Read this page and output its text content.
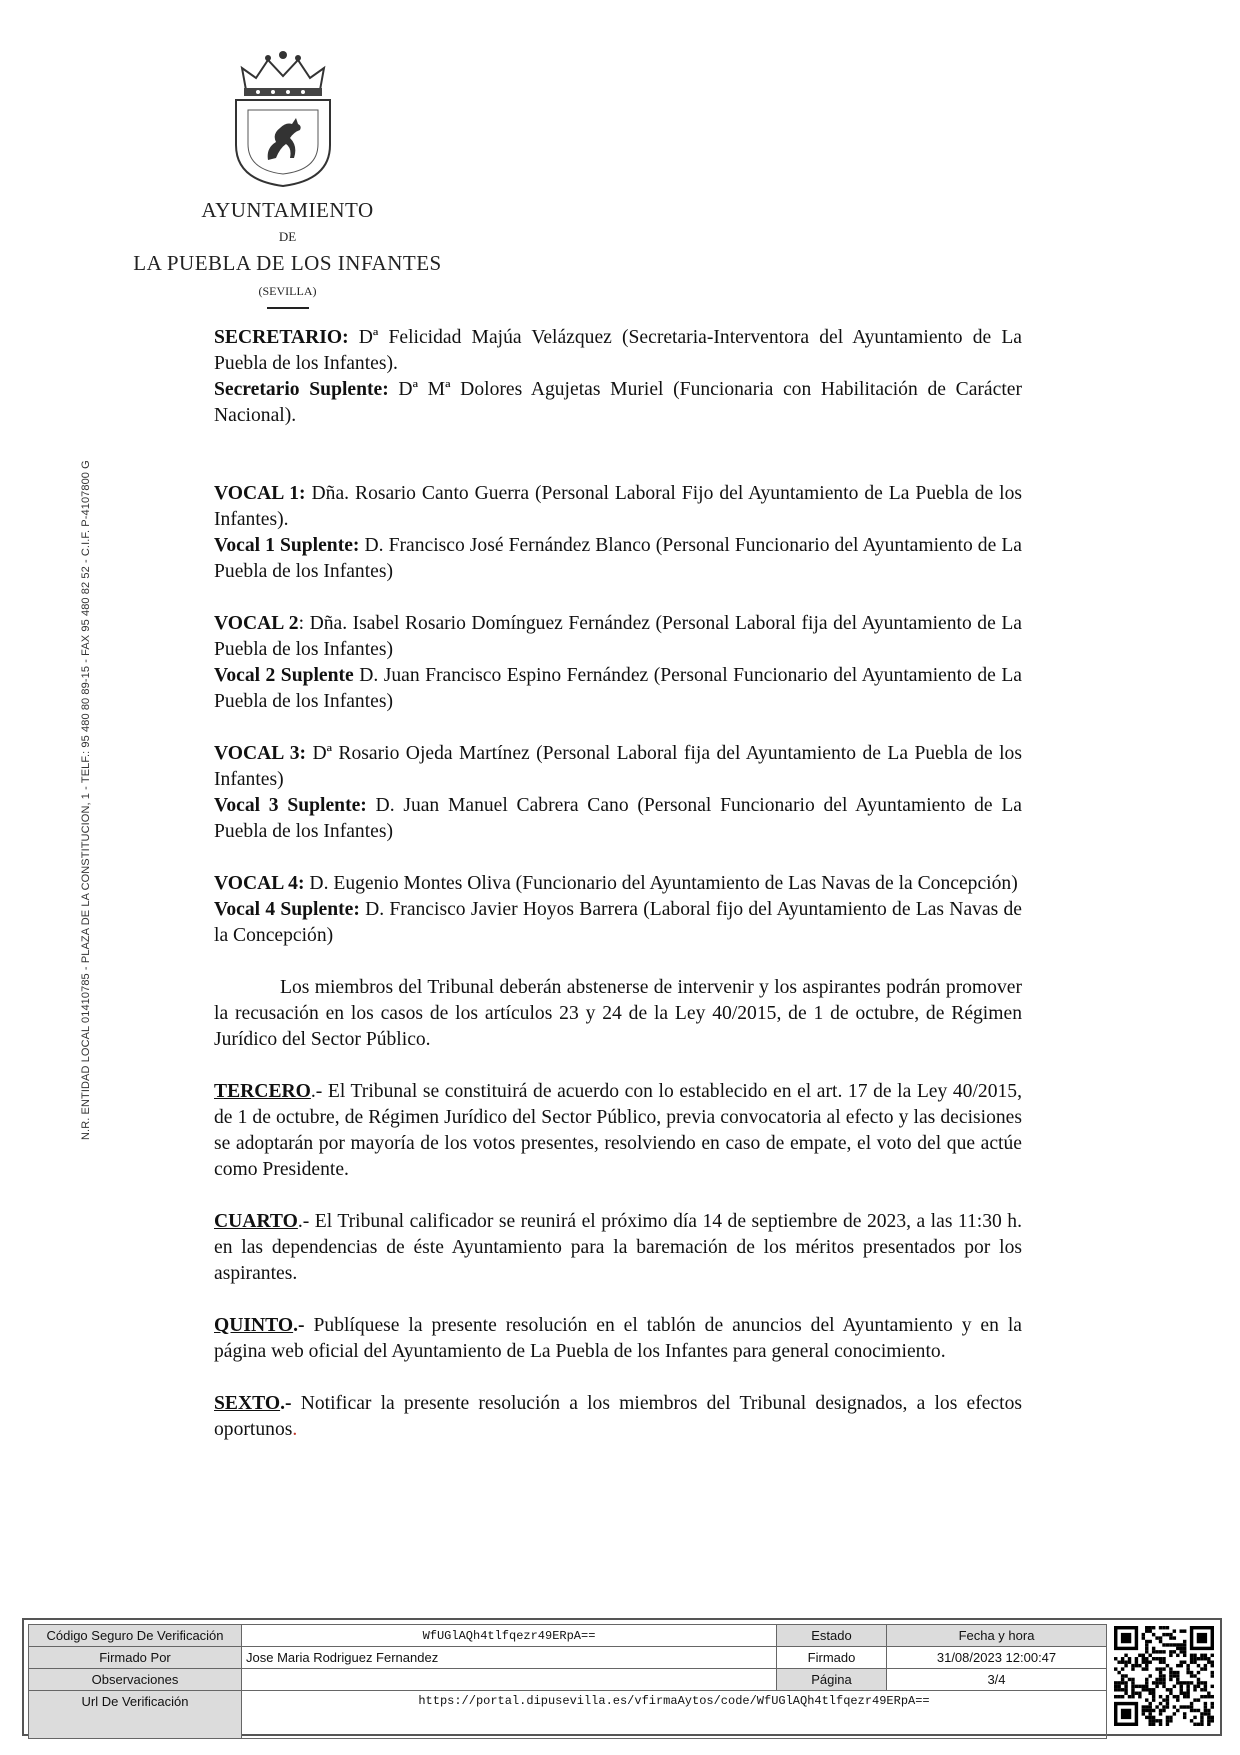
AYUNTAMIENTO
DE
LA PUEBLA DE LOS INFANTES
(SEVILLA)
N.R. ENTIDAD LOCAL 01410785 - PLAZA DE LA CONSTITUCION, 1 - TELF.: 95 480 80 89-15 - FAX 95 480 82 52 - C.I.F. P-4107800 G

SECRETARIO: Dª Felicidad Majúa Velázquez (Secretaria-Interventora del Ayuntamiento de La Puebla de los Infantes).

Secretario Suplente: Dª Mª Dolores Agujetas Muriel (Funcionaria con Habilitación de Carácter Nacional).

VOCAL 1: Dña. Rosario Canto Guerra (Personal Laboral Fijo del Ayuntamiento de La Puebla de los Infantes).

Vocal 1 Suplente: D. Francisco José Fernández Blanco (Personal Funcionario del Ayuntamiento de La Puebla de los Infantes)

VOCAL 2: Dña. Isabel Rosario Domínguez Fernández (Personal Laboral fija del Ayuntamiento de La Puebla de los Infantes)

Vocal 2 Suplente D. Juan Francisco Espino Fernández (Personal Funcionario del Ayuntamiento de La Puebla de los Infantes)

VOCAL 3: Dª Rosario Ojeda Martínez (Personal Laboral fija del Ayuntamiento de La Puebla de los Infantes)

Vocal 3 Suplente: D. Juan Manuel Cabrera Cano (Personal Funcionario del Ayuntamiento de La Puebla de los Infantes)

VOCAL 4: D. Eugenio Montes Oliva (Funcionario del Ayuntamiento de Las Navas de la Concepción)

Vocal 4 Suplente: D. Francisco Javier Hoyos Barrera (Laboral fijo del Ayuntamiento de Las Navas de la Concepción)

Los miembros del Tribunal deberán abstenerse de intervenir y los aspirantes podrán promover la recusación en los casos de los artículos 23 y 24 de la Ley 40/2015, de 1 de octubre, de Régimen Jurídico del Sector Público.

TERCERO.- El Tribunal se constituirá de acuerdo con lo establecido en el art. 17 de la Ley 40/2015, de 1 de octubre, de Régimen Jurídico del Sector Público, previa convocatoria al efecto y las decisiones se adoptarán por mayoría de los votos presentes, resolviendo en caso de empate, el voto del que actúe como Presidente.

CUARTO.- El Tribunal calificador se reunirá el próximo día 14 de septiembre de 2023, a las 11:30 h. en las dependencias de éste Ayuntamiento para la baremación de los méritos presentados por los aspirantes.

QUINTO.- Publíquese la presente resolución en el tablón de anuncios del Ayuntamiento y en la página web oficial del Ayuntamiento de La Puebla de los Infantes para general conocimiento.

SEXTO.- Notificar la presente resolución a los miembros del Tribunal designados, a los efectos oportunos.

Código Seguro De Verificación	WfUGlAQh4tlfqezr49ERpA==	Estado	Fecha y hora
Firmado Por	Jose Maria Rodriguez Fernandez	Firmado	31/08/2023 12:00:47
Observaciones		Página	3/4
Url De Verificación	https://portal.dipusevilla.es/vfirmaAytos/code/WfUGlAQh4tlfqezr49ERpA==		
